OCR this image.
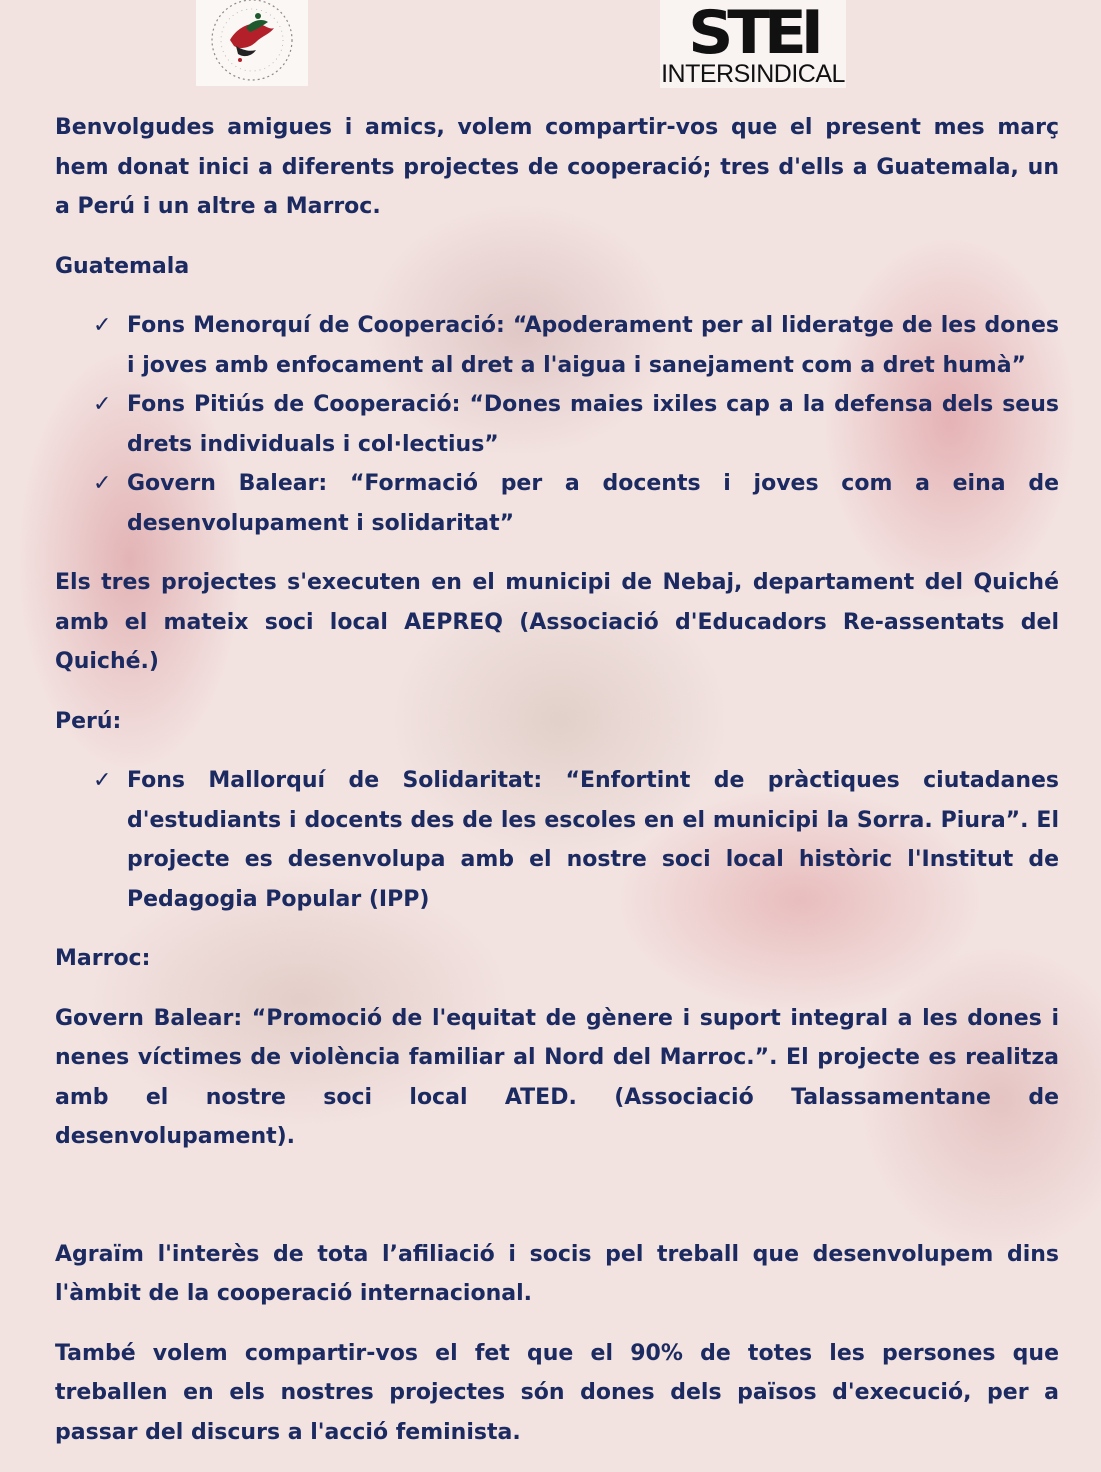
STEI
INTERSINDICAL

Benvolgudes amigues i amics, volem compartir-vos que el present mes març hem donat inici a diferents projectes de cooperació; tres d'ells a Guatemala, un a Perú i un altre a Marroc.

Guatemala
✓ Fons Menorquí de Cooperació: “Apoderament per al lideratge de les dones i joves amb enfocament al dret a l'aigua i sanejament com a dret humà”
✓ Fons Pitiús de Cooperació: “Dones maies ixiles cap a la defensa dels seus drets individuals i col·lectius”
✓ Govern Balear: “Formació per a docents i joves com a eina de desenvolupament i solidaritat”

Els tres projectes s'executen en el municipi de Nebaj, departament del Quiché amb el mateix soci local AEPREQ (Associació d'Educadors Re-assentats del Quiché.)

Perú:
✓ Fons Mallorquí de Solidaritat: “Enfortint de pràctiques ciutadanes d'estudiants i docents des de les escoles en el municipi la Sorra. Piura”. El projecte es desenvolupa amb el nostre soci local històric l'Institut de Pedagogia Popular (IPP)
Marroc:

Govern Balear: “Promoció de l'equitat de gènere i suport integral a les dones i nenes víctimes de violència familiar al Nord del Marroc.”. El projecte es realitza amb el nostre soci local ATED. (Associació Talassamentane de desenvolupament).

Agraïm l'interès de tota l’afiliació i socis pel treball que desenvolupem dins l'àmbit de la cooperació internacional.

També volem compartir-vos el fet que el 90% de totes les persones que treballen en els nostres projectes són dones dels països d'execució, per a passar del discurs a l'acció feminista.
